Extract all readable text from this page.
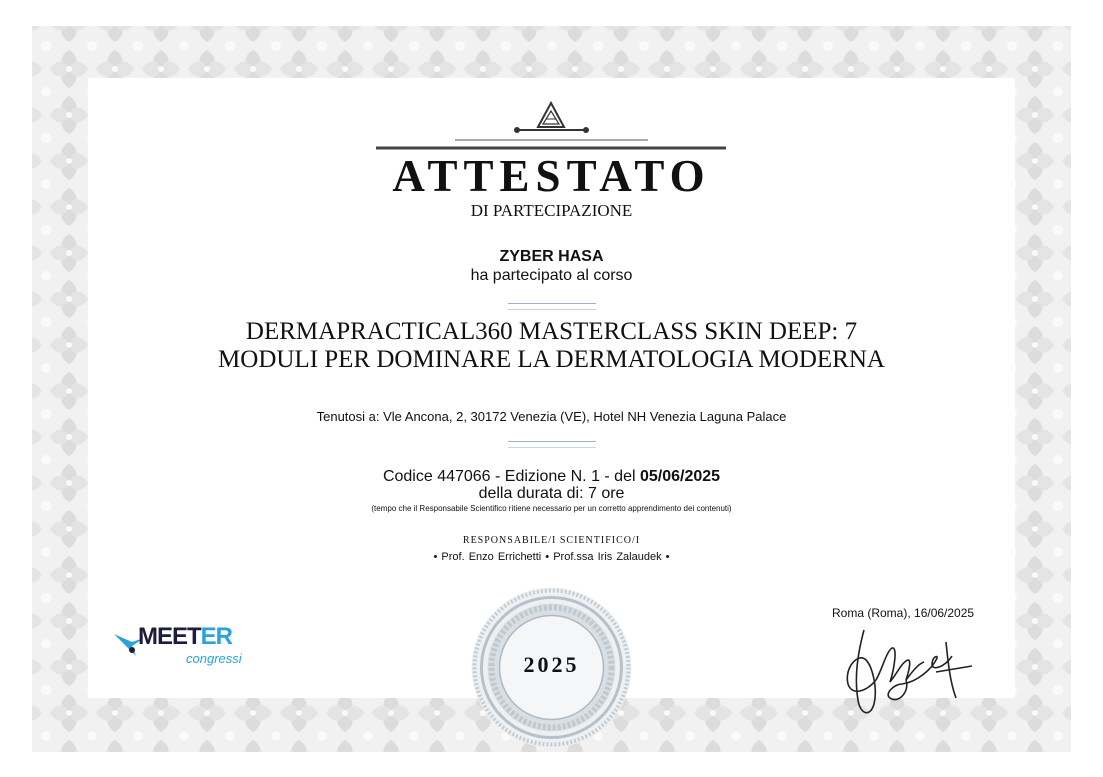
ATTESTATO
DI PARTECIPAZIONE
ZYBER HASA
ha partecipato al corso
DERMAPRACTICAL360 MASTERCLASS SKIN DEEP: 7
MODULI PER DOMINARE LA DERMATOLOGIA MODERNA
Tenutosi a: Vle Ancona, 2, 30172 Venezia (VE), Hotel NH Venezia Laguna Palace
Codice 447066 - Edizione N. 1 - del 05/06/2025
della durata di: 7 ore
(tempo che il Responsabile Scientifico ritiene necessario per un corretto apprendimento dei contenuti)
RESPONSABILE/I SCIENTIFICO/I
• Prof. Enzo Errichetti • Prof.ssa Iris Zalaudek •
2025
Roma (Roma), 16/06/2025
MEETER
congressi
